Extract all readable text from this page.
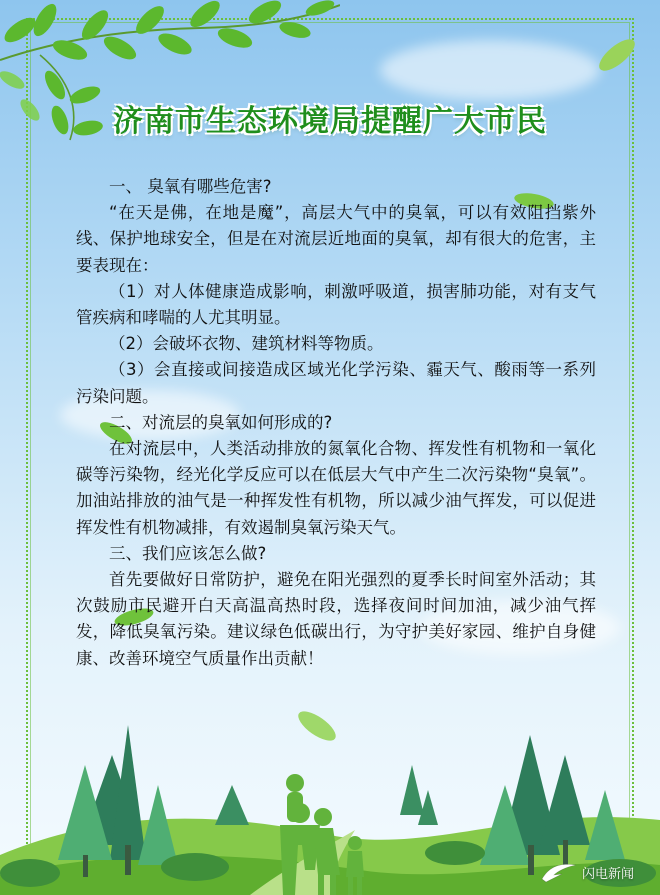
济南市生态环境局提醒广大市民

一、 臭氧有哪些危害?

“在天是佛，在地是魔”，高层大气中的臭氧，可以有效阻挡紫外线、保护地球安全，但是在对流层近地面的臭氧，却有很大的危害，主要表现在：

（1）对人体健康造成影响，刺激呼吸道，损害肺功能，对有支气管疾病和哮喘的人尤其明显。

（2）会破坏衣物、建筑材料等物质。

（3）会直接或间接造成区域光化学污染、霾天气、酸雨等一系列污染问题。

二、对流层的臭氧如何形成的?

在对流层中，人类活动排放的氮氧化合物、挥发性有机物和一氧化碳等污染物，经光化学反应可以在低层大气中产生二次污染物“臭氧”。加油站排放的油气是一种挥发性有机物，所以减少油气挥发，可以促进挥发性有机物减排，有效遏制臭氧污染天气。

三、我们应该怎么做?

首先要做好日常防护，避免在阳光强烈的夏季长时间室外活动；其次鼓励市民避开白天高温高热时段，选择夜间时间加油，减少油气挥发，降低臭氧污染。建议绿色低碳出行，为守护美好家园、维护自身健康、改善环境空气质量作出贡献！

闪电新闻
